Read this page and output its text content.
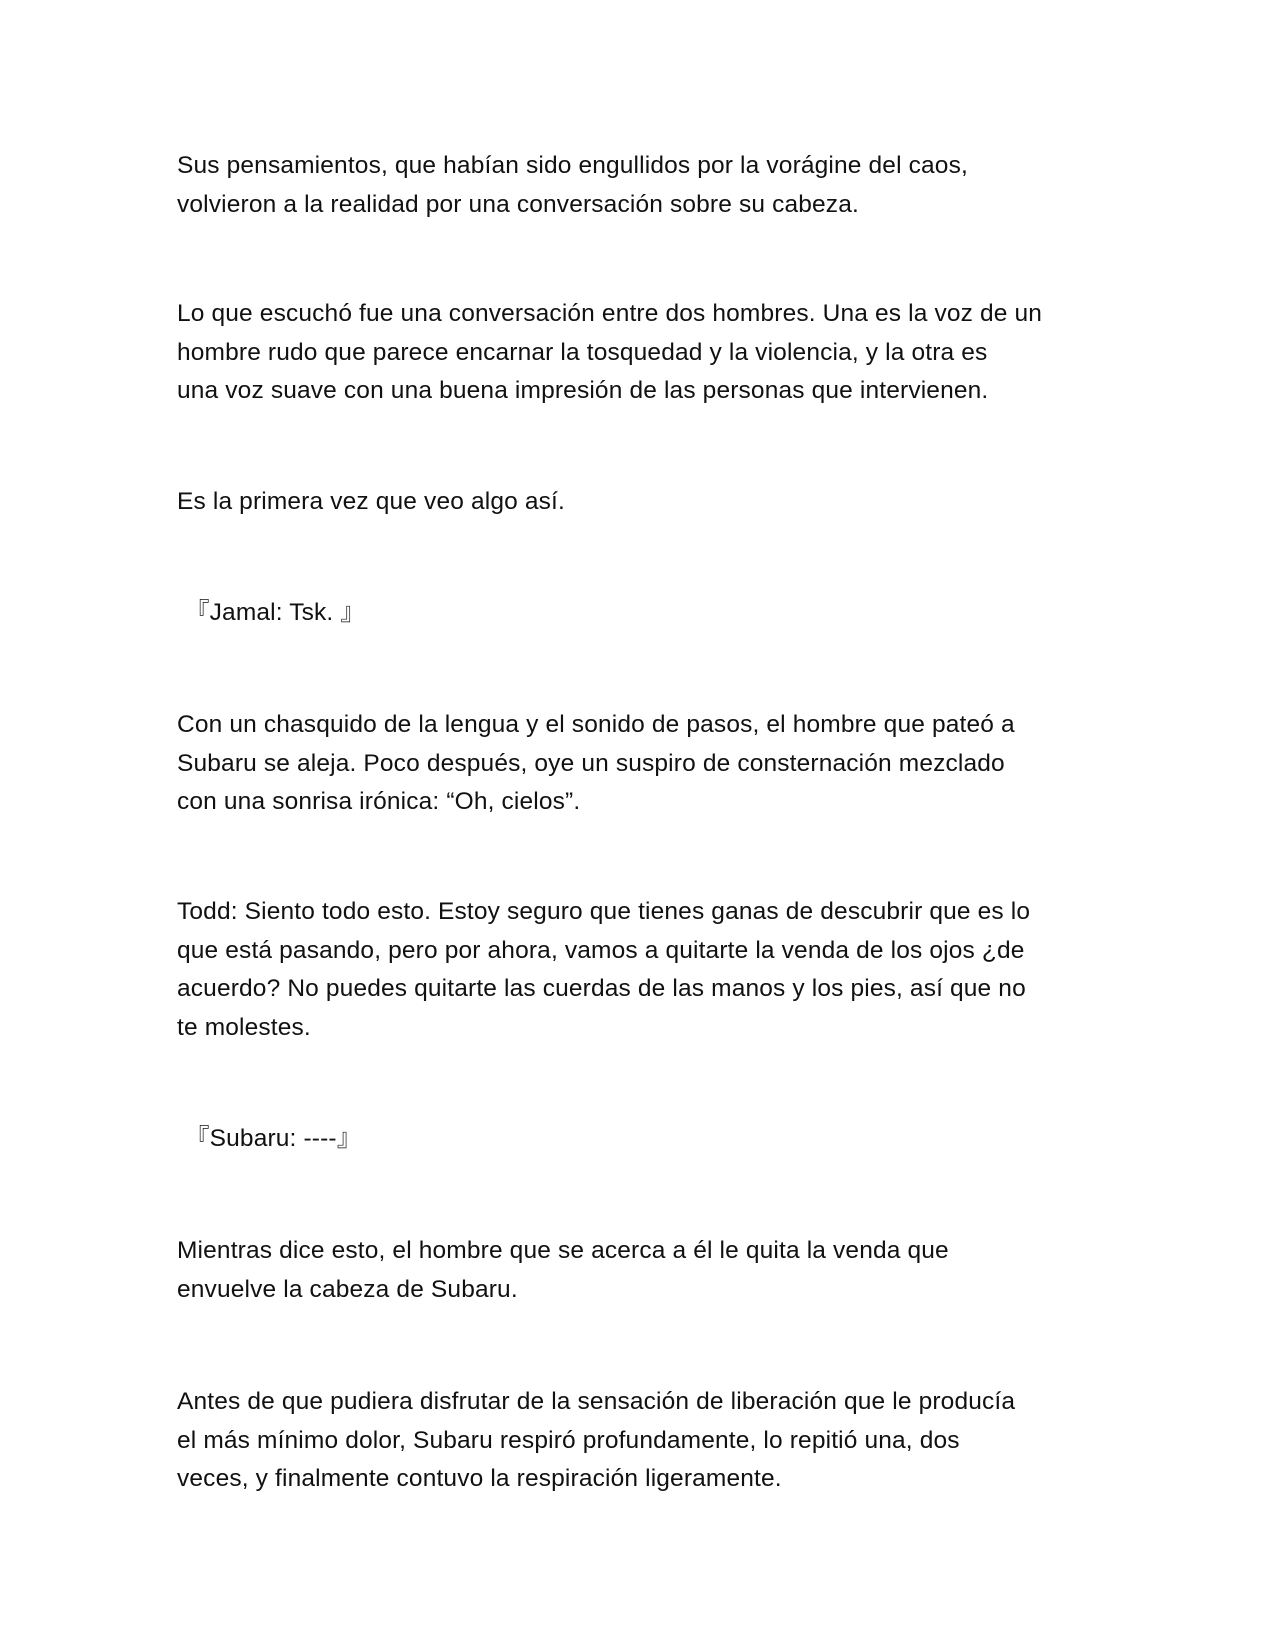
Sus pensamientos, que habían sido engullidos por la vorágine del caos,
volvieron a la realidad por una conversación sobre su cabeza.

Lo que escuchó fue una conversación entre dos hombres. Una es la voz de un
hombre rudo que parece encarnar la tosquedad y la violencia, y la otra es
una voz suave con una buena impresión de las personas que intervienen.

Es la primera vez que veo algo así.

『Jamal: Tsk. 』

Con un chasquido de la lengua y el sonido de pasos, el hombre que pateó a
Subaru se aleja. Poco después, oye un suspiro de consternación mezclado
con una sonrisa irónica: “Oh, cielos”.

Todd: Siento todo esto. Estoy seguro que tienes ganas de descubrir que es lo
que está pasando, pero por ahora, vamos a quitarte la venda de los ojos ¿de
acuerdo? No puedes quitarte las cuerdas de las manos y los pies, así que no
te molestes.

『Subaru: ----』

Mientras dice esto, el hombre que se acerca a él le quita la venda que
envuelve la cabeza de Subaru.

Antes de que pudiera disfrutar de la sensación de liberación que le producía
el más mínimo dolor, Subaru respiró profundamente, lo repitió una, dos
veces, y finalmente contuvo la respiración ligeramente.
